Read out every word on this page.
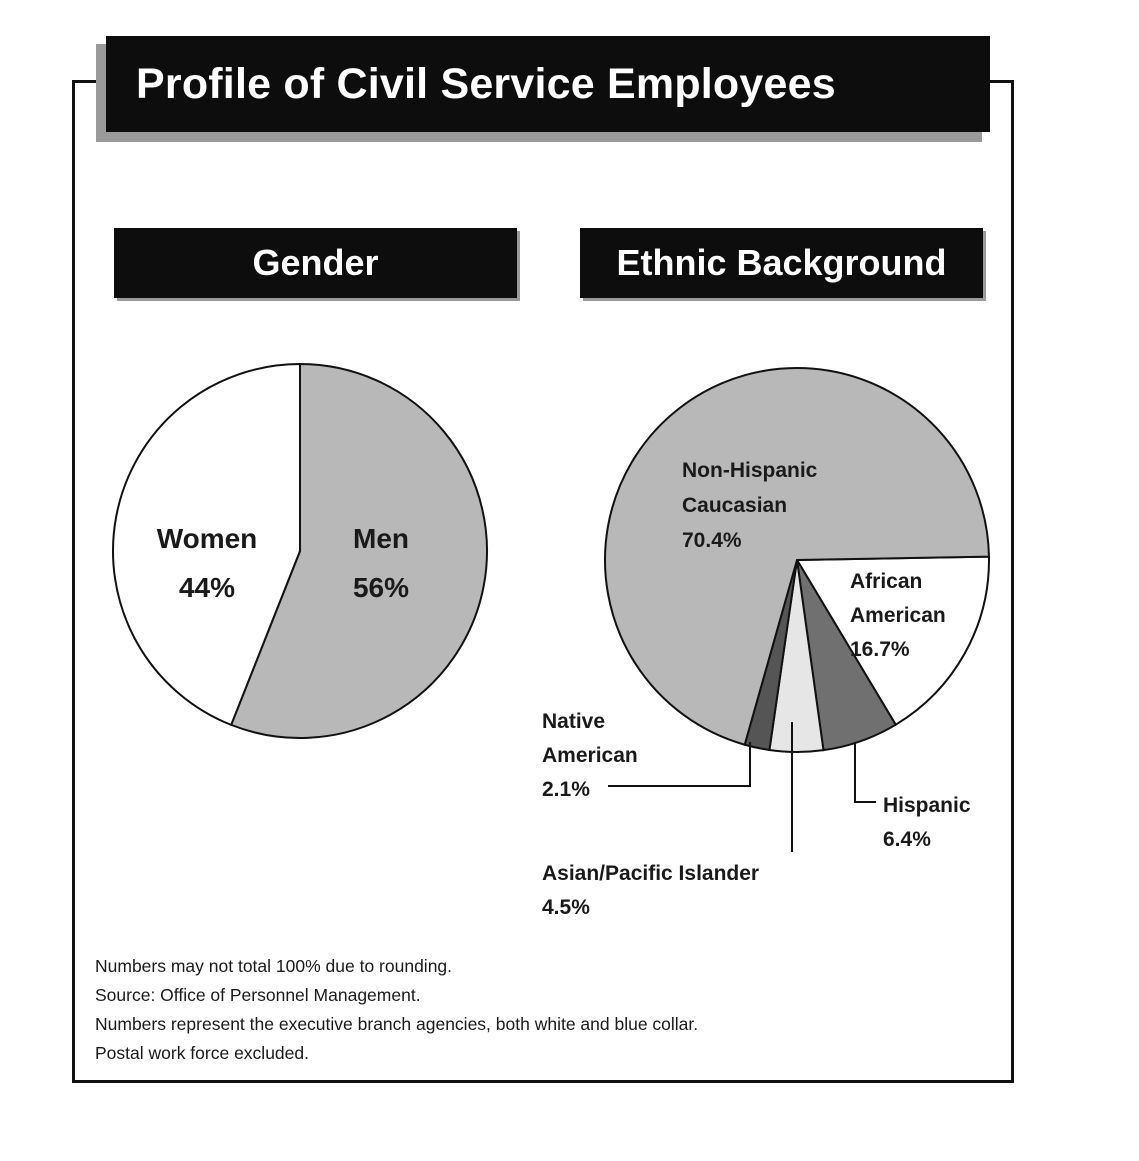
Profile of Civil Service Employees
Gender	Ethnic Background
Women
44%
Men
56%
Non-Hispanic
Caucasian
70.4%
African
American
16.7%
Hispanic
6.4%
Asian/Pacific Islander
4.5%
Native
American
2.1%
Numbers may not total 100% due to rounding.
Source: Office of Personnel Management.
Numbers represent the executive branch agencies, both white and blue collar.
Postal work force excluded.
